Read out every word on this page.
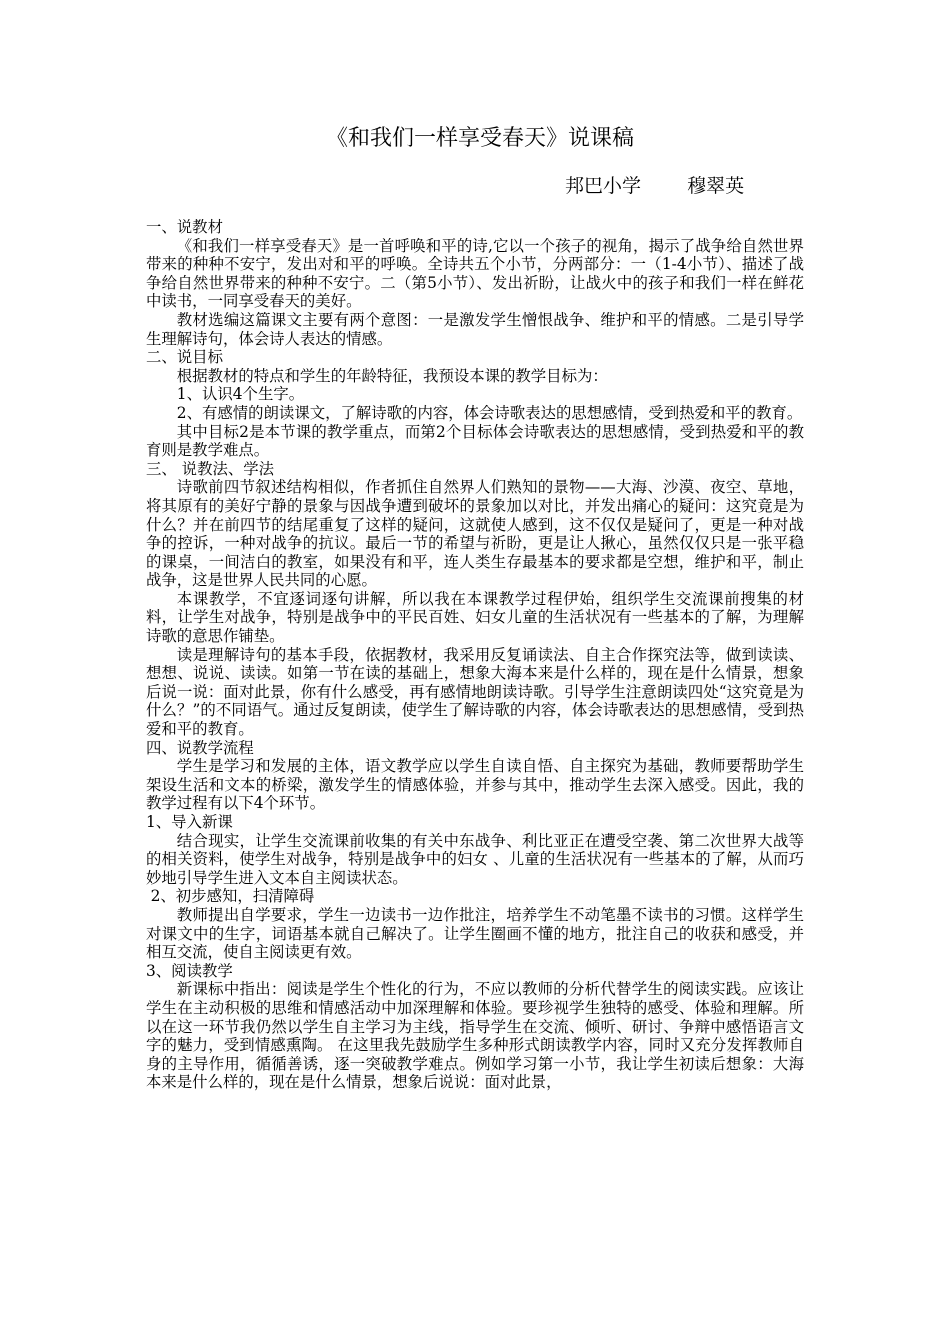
《和我们一样享受春天》说课稿
邦巴小学 穆翠英

一、说教材

《和我们一样享受春天》是一首呼唤和平的诗,它以一个孩子的视角，揭示了战争给自然世界带来的种种不安宁，发出对和平的呼唤。全诗共五个小节，分两部分：一（1-4小节）、描述了战争给自然世界带来的种种不安宁。二（第5小节）、发出祈盼，让战火中的孩子和我们一样在鲜花中读书，一同享受春天的美好。

教材选编这篇课文主要有两个意图：一是激发学生憎恨战争、维护和平的情感。二是引导学生理解诗句，体会诗人表达的情感。

二、说目标

根据教材的特点和学生的年龄特征，我预设本课的教学目标为：

1、认识4个生字。

2、有感情的朗读课文，了解诗歌的内容，体会诗歌表达的思想感情，受到热爱和平的教育。

其中目标2是本节课的教学重点，而第2个目标体会诗歌表达的思想感情，受到热爱和平的教育则是教学难点。

三、 说教法、学法

诗歌前四节叙述结构相似，作者抓住自然界人们熟知的景物——大海、沙漠、夜空、草地，将其原有的美好宁静的景象与因战争遭到破坏的景象加以对比，并发出痛心的疑问：这究竟是为什么？并在前四节的结尾重复了这样的疑问，这就使人感到，这不仅仅是疑问了，更是一种对战争的控诉，一种对战争的抗议。最后一节的希望与祈盼，更是让人揪心，虽然仅仅只是一张平稳的课桌，一间洁白的教室，如果没有和平，连人类生存最基本的要求都是空想，维护和平，制止战争，这是世界人民共同的心愿。

本课教学，不宜逐词逐句讲解，所以我在本课教学过程伊始，组织学生交流课前搜集的材料，让学生对战争，特别是战争中的平民百姓、妇女儿童的生活状况有一些基本的了解，为理解诗歌的意思作铺垫。

读是理解诗句的基本手段，依据教材，我采用反复诵读法、自主合作探究法等，做到读读、想想、说说、读读。如第一节在读的基础上，想象大海本来是什么样的，现在是什么情景，想象后说一说：面对此景，你有什么感受，再有感情地朗读诗歌。引导学生注意朗读四处“这究竟是为什么？”的不同语气。通过反复朗读，使学生了解诗歌的内容，体会诗歌表达的思想感情，受到热爱和平的教育。

四、说教学流程

学生是学习和发展的主体，语文教学应以学生自读自悟、自主探究为基础，教师要帮助学生架设生活和文本的桥梁，激发学生的情感体验，并参与其中，推动学生去深入感受。因此，我的教学过程有以下4个环节。

1、导入新课

结合现实，让学生交流课前收集的有关中东战争、利比亚正在遭受空袭、第二次世界大战等的相关资料，使学生对战争，特别是战争中的妇女 、儿童的生活状况有一些基本的了解，从而巧妙地引导学生进入文本自主阅读状态。

2、初步感知，扫清障碍

教师提出自学要求，学生一边读书一边作批注，培养学生不动笔墨不读书的习惯。这样学生对课文中的生字，词语基本就自己解决了。让学生圈画不懂的地方，批注自己的收获和感受，并相互交流，使自主阅读更有效。

3、阅读教学

新课标中指出：阅读是学生个性化的行为，不应以教师的分析代替学生的阅读实践。应该让学生在主动积极的思维和情感活动中加深理解和体验。要珍视学生独特的感受、体验和理解。所以在这一环节我仍然以学生自主学习为主线，指导学生在交流、倾听、研讨、争辩中感悟语言文字的魅力，受到情感熏陶。 在这里我先鼓励学生多种形式朗读教学内容，同时又充分发挥教师自身的主导作用，循循善诱，逐一突破教学难点。例如学习第一小节，我让学生初读后想象：大海本来是什么样的，现在是什么情景，想象后说说：面对此景，
